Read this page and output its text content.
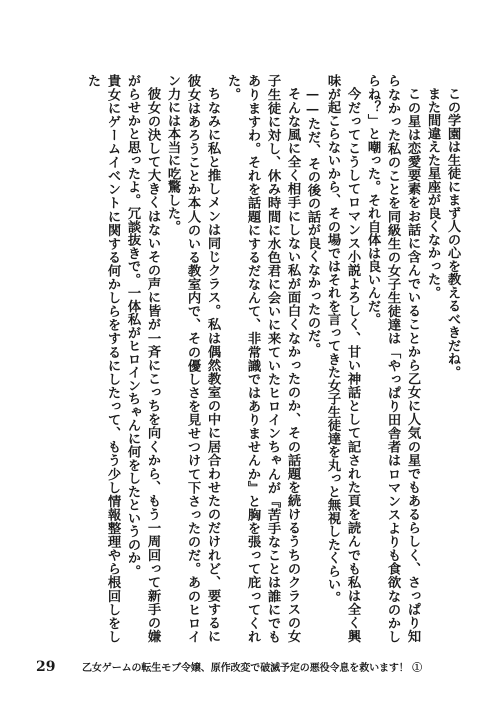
この学園は生徒にまず人の心を教えるべきだね。

また間違えた星座が良くなかった。

この星は恋愛要素をお話に含んでいることから乙女に人気の星でもあるらしく、さっぱり知らなかった私のことを同級生の女子生徒達は「やっぱり田舎者はロマンスよりも食欲なのかしらね？」と嘲った。それ自体は良いんだ。

今だってこうしてロマンス小説よろしく、甘い神話として記された頁を読んでも私は全く興味が起こらないから、その場ではそれを言ってきた女子生徒達を丸っと無視したくらい。

——ただ、その後の話が良くなかったのだ。

そんな風に全く相手にしない私が面白くなかったのか、その話題を続けるうちのクラスの女子生徒に対し、休み時間に水色君に会いに来ていたヒロインちゃんが『苦手なことは誰にでもありますわ。それを話題にするだなんて、非常識ではありませんか』と胸を張って庇ってくれた。

ちなみに私と推しメンは同じクラス。私は偶然教室の中に居合わせたのだけれど、要するに彼女はあろうことか本人のいる教室内で、その優しさを見せつけて下さったのだ。あのヒロイン力には本当に吃驚した。

彼女の決して大きくはないその声に皆が一斉にこっちを向くから、もう一周回って新手の嫌がらせかと思ったよ。冗談抜きで。一体私がヒロインちゃんに何をしたというのか。

貴女にゲームイベントに関する何かしらをするにしたって、もう少し情報整理やら根回しをした

29	乙女ゲームの転生モブ令嬢、原作改変で破滅予定の悪役令息を救います！ ①
